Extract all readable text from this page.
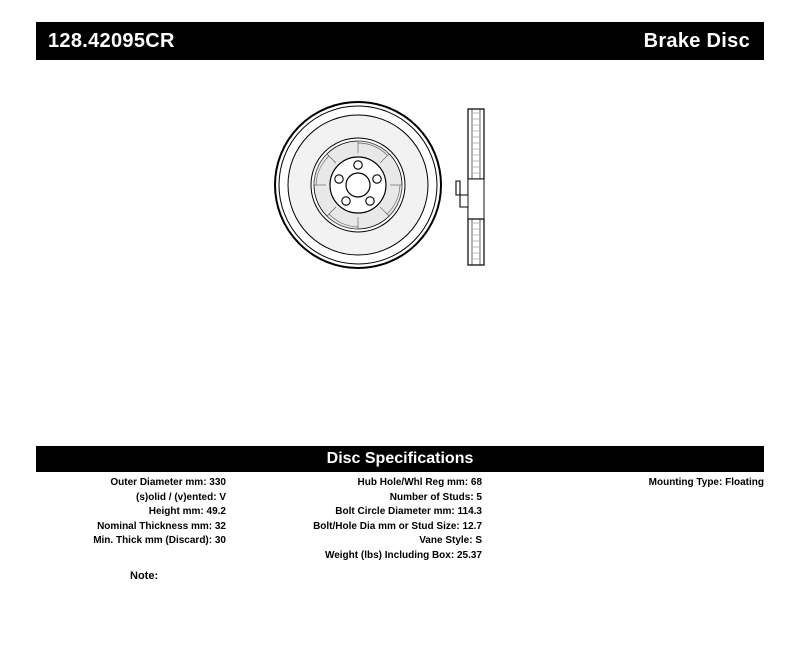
128.42095CR	Brake Disc
Disc Specifications
Outer Diameter mm: 330
(s)olid / (v)ented: V
Height mm: 49.2
Nominal Thickness mm: 32
Min. Thick mm (Discard): 30
Hub Hole/Whl Reg mm: 68
Number of Studs: 5
Bolt Circle Diameter mm: 114.3
Bolt/Hole Dia mm or Stud Size: 12.7
Vane Style: S
Weight (lbs) Including Box: 25.37
Mounting Type: Floating
Note:
